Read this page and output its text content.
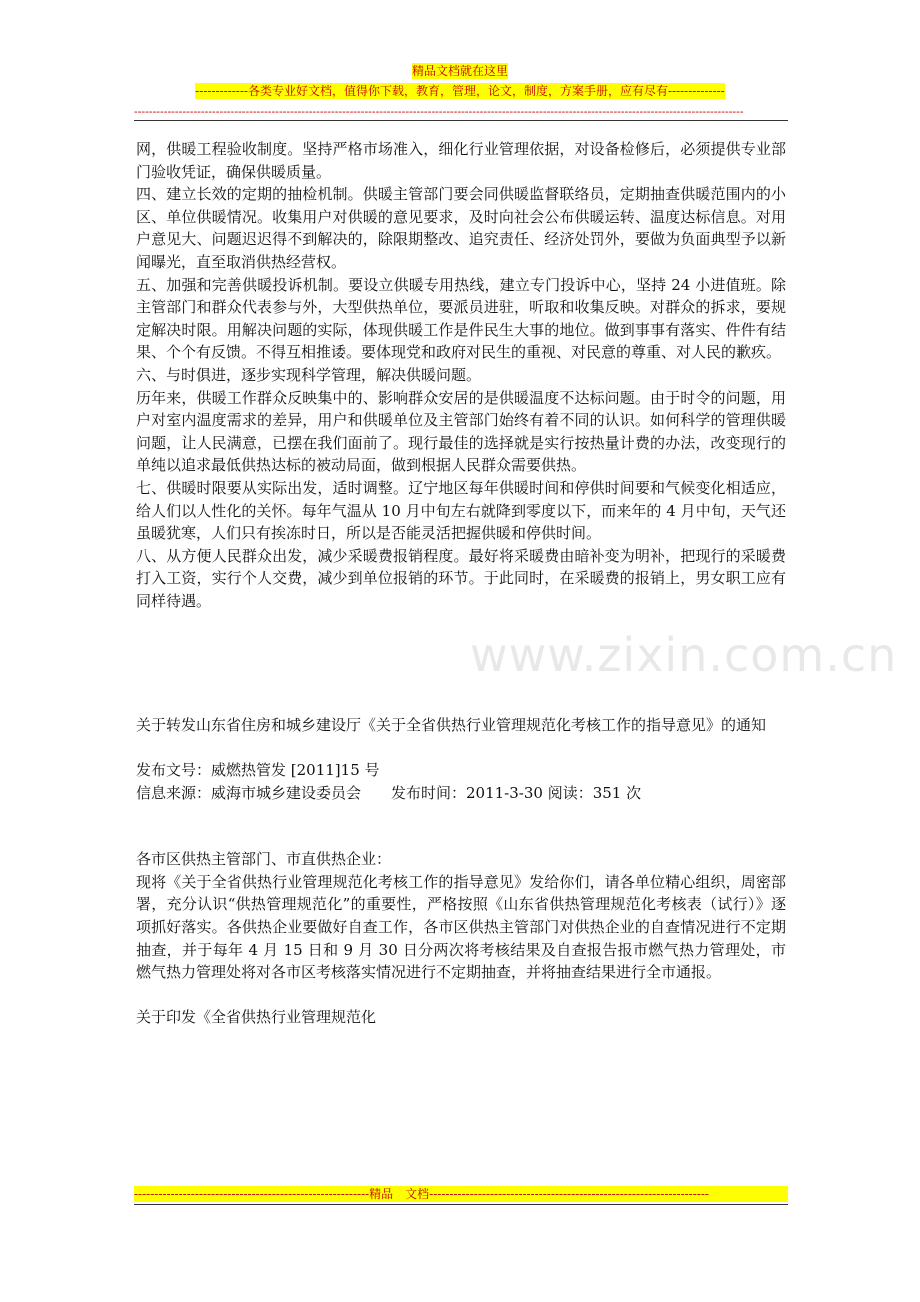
精品文档就在这里
-------------各类专业好文档，值得你下载，教育，管理，论文，制度，方案手册，应有尽有--------------
--------------------------------------------------------------------------------------------------------------------------------------------------------------------
www.zixin.com.cn

网，供暖工程验收制度。坚持严格市场准入，细化行业管理依据，对设备检修后，必须提供专业部门验收凭证，确保供暖质量。

四、建立长效的定期的抽检机制。供暖主管部门要会同供暖监督联络员，定期抽查供暖范围内的小区、单位供暖情况。收集用户对供暖的意见要求，及时向社会公布供暖运转、温度达标信息。对用户意见大、问题迟迟得不到解决的，除限期整改、追究责任、经济处罚外，要做为负面典型予以新闻曝光，直至取消供热经营权。

五、加强和完善供暖投诉机制。要设立供暖专用热线，建立专门投诉中心，坚持 24 小进值班。除主管部门和群众代表参与外，大型供热单位，要派员进驻，听取和收集反映。对群众的拆求，要规定解决时限。用解决问题的实际，体现供暖工作是件民生大事的地位。做到事事有落实、件件有结果、个个有反馈。不得互相推诿。要体现党和政府对民生的重视、对民意的尊重、对人民的歉疚。

六、与时俱进，逐步实现科学管理，解决供暖问题。

历年来，供暖工作群众反映集中的、影响群众安居的是供暖温度不达标问题。由于时令的问题，用户对室内温度需求的差异，用户和供暖单位及主管部门始终有着不同的认识。如何科学的管理供暖问题，让人民满意，已摆在我们面前了。现行最佳的选择就是实行按热量计费的办法，改变现行的单纯以追求最低供热达标的被动局面，做到根据人民群众需要供热。

七、供暖时限要从实际出发，适时调整。辽宁地区每年供暖时间和停供时间要和气候变化相适应，给人们以人性化的关怀。每年气温从 10 月中旬左右就降到零度以下，而来年的 4 月中旬，天气还虽暖犹寒，人们只有挨冻时日，所以是否能灵活把握供暖和停供时间。

八、从方便人民群众出发，减少采暖费报销程度。最好将采暖费由暗补变为明补，把现行的采暖费打入工资，实行个人交费，减少到单位报销的环节。于此同时，在采暖费的报销上，男女职工应有同样待遇。

关于转发山东省住房和城乡建设厅《关于全省供热行业管理规范化考核工作的指导意见》的通知

发布文号：威燃热管发 [2011]15 号

信息来源：威海市城乡建设委员会　　发布时间：2011-3-30 阅读：351 次

各市区供热主管部门、市直供热企业：

现将《关于全省供热行业管理规范化考核工作的指导意见》发给你们，请各单位精心组织，周密部署，充分认识“供热管理规范化”的重要性，严格按照《山东省供热管理规范化考核表（试行）》逐项抓好落实。各供热企业要做好自查工作，各市区供热主管部门对供热企业的自查情况进行不定期抽查，并于每年 4 月 15 日和 9 月 30 日分两次将考核结果及自查报告报市燃气热力管理处，市燃气热力管理处将对各市区考核落实情况进行不定期抽查，并将抽查结果进行全市通报。

关于印发《全省供热行业管理规范化

----------------------------------------------------------精品　文档---------------------------------------------------------------------
